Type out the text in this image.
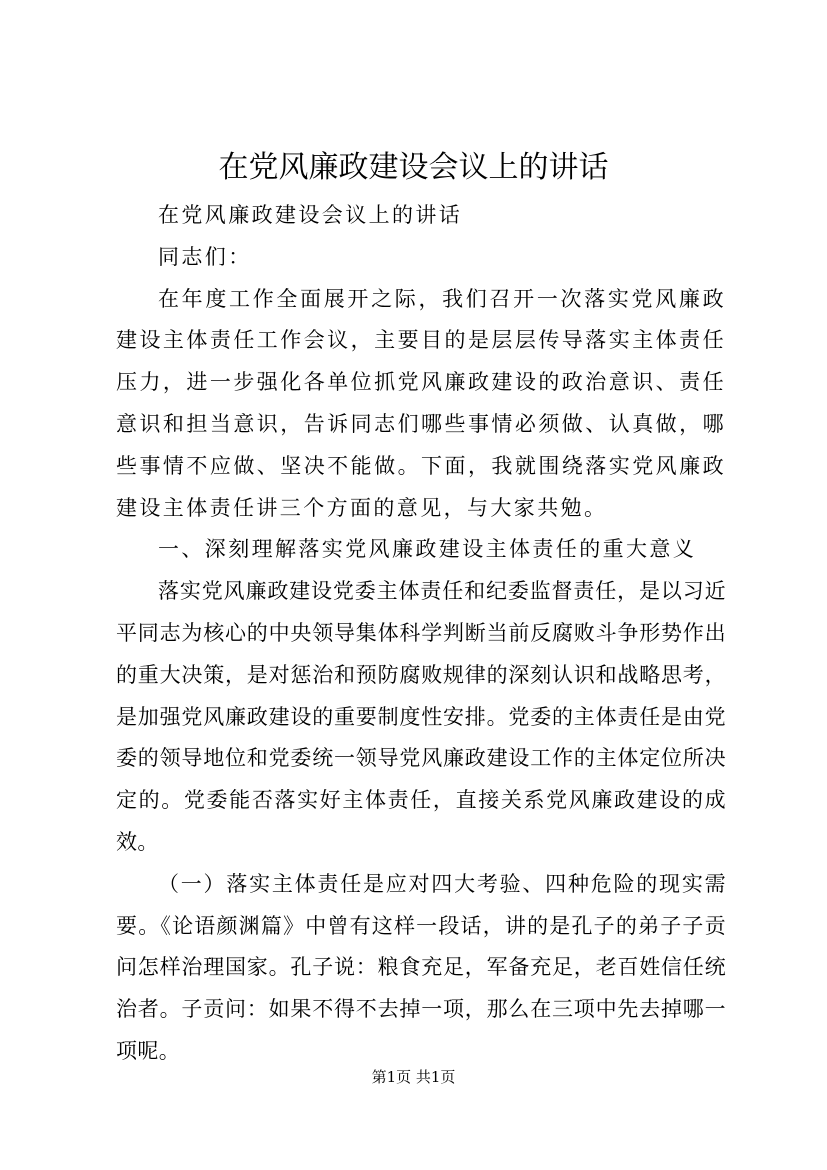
在党风廉政建设会议上的讲话

在党风廉政建设会议上的讲话

同志们：

在年度工作全面展开之际，我们召开一次落实党风廉政建设主体责任工作会议，主要目的是层层传导落实主体责任压力，进一步强化各单位抓党风廉政建设的政治意识、责任意识和担当意识，告诉同志们哪些事情必须做、认真做，哪些事情不应做、坚决不能做。下面，我就围绕落实党风廉政建设主体责任讲三个方面的意见，与大家共勉。

一、深刻理解落实党风廉政建设主体责任的重大意义

落实党风廉政建设党委主体责任和纪委监督责任，是以习近平同志为核心的中央领导集体科学判断当前反腐败斗争形势作出的重大决策，是对惩治和预防腐败规律的深刻认识和战略思考，是加强党风廉政建设的重要制度性安排。党委的主体责任是由党委的领导地位和党委统一领导党风廉政建设工作的主体定位所决定的。党委能否落实好主体责任，直接关系党风廉政建设的成效。

（一）落实主体责任是应对四大考验、四种危险的现实需要。《论语颜渊篇》中曾有这样一段话，讲的是孔子的弟子子贡问怎样治理国家。孔子说：粮食充足，军备充足，老百姓信任统治者。子贡问：如果不得不去掉一项，那么在三项中先去掉哪一项呢。

第1页 共1页
